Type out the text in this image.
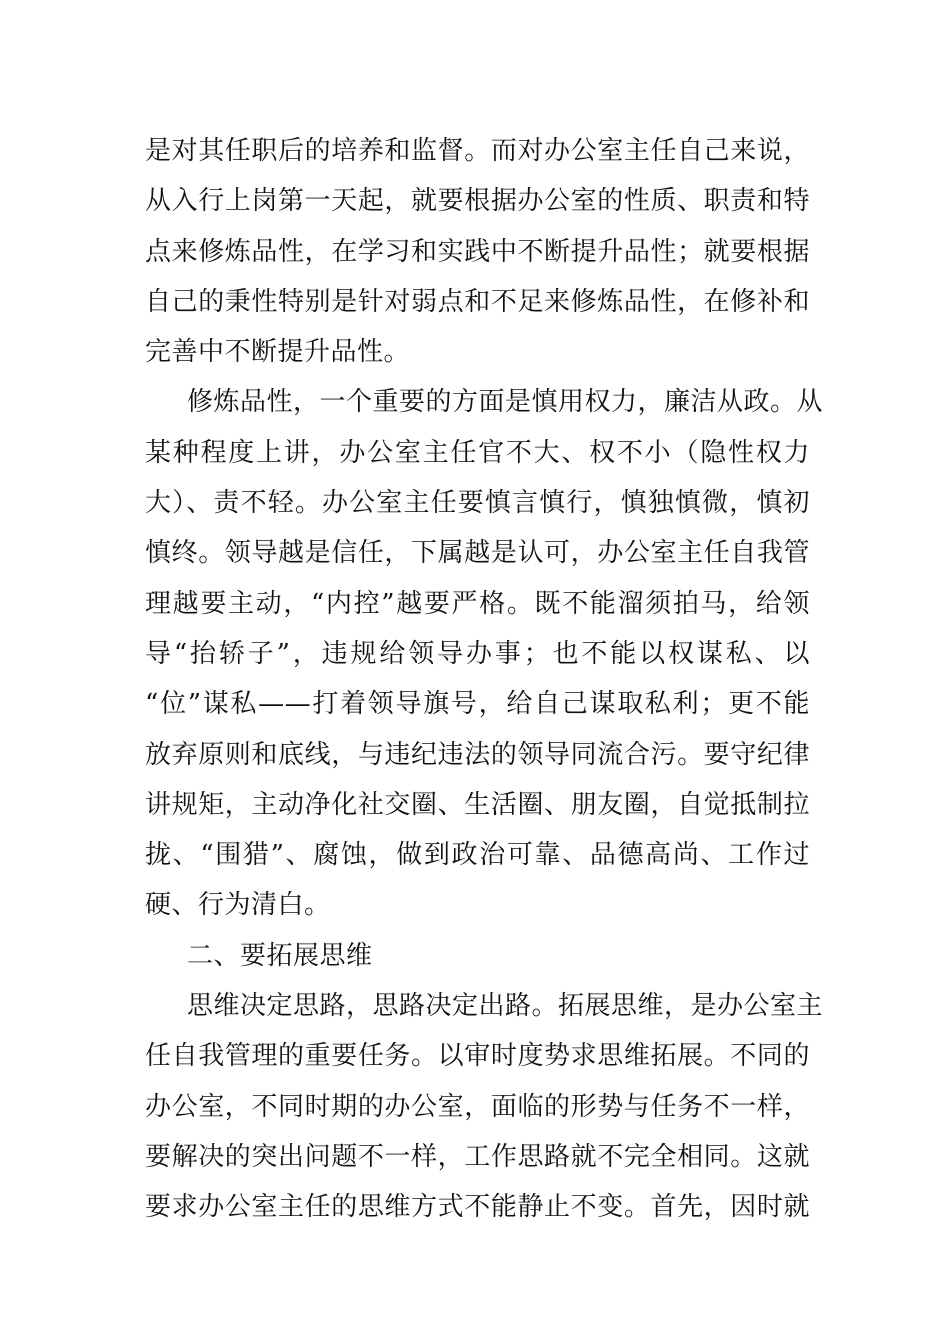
是对其任职后的培养和监督。而对办公室主任自己来说，
从入行上岗第一天起，就要根据办公室的性质、职责和特
点来修炼品性，在学习和实践中不断提升品性；就要根据
自己的秉性特别是针对弱点和不足来修炼品性，在修补和
完善中不断提升品性。
修炼品性，一个重要的方面是慎用权力，廉洁从政。从
某种程度上讲，办公室主任官不大、权不小（隐性权力
大）、责不轻。办公室主任要慎言慎行，慎独慎微，慎初
慎终。领导越是信任，下属越是认可，办公室主任自我管
理越要主动，“内控”越要严格。既不能溜须拍马，给领
导“抬轿子”，违规给领导办事；也不能以权谋私、以
“位”谋私——打着领导旗号，给自己谋取私利；更不能
放弃原则和底线，与违纪违法的领导同流合污。要守纪律
讲规矩，主动净化社交圈、生活圈、朋友圈，自觉抵制拉
拢、“围猎”、腐蚀，做到政治可靠、品德高尚、工作过
硬、行为清白。
二、要拓展思维
思维决定思路，思路决定出路。拓展思维，是办公室主
任自我管理的重要任务。以审时度势求思维拓展。不同的
办公室，不同时期的办公室，面临的形势与任务不一样，
要解决的突出问题不一样，工作思路就不完全相同。这就
要求办公室主任的思维方式不能静止不变。首先，因时就
